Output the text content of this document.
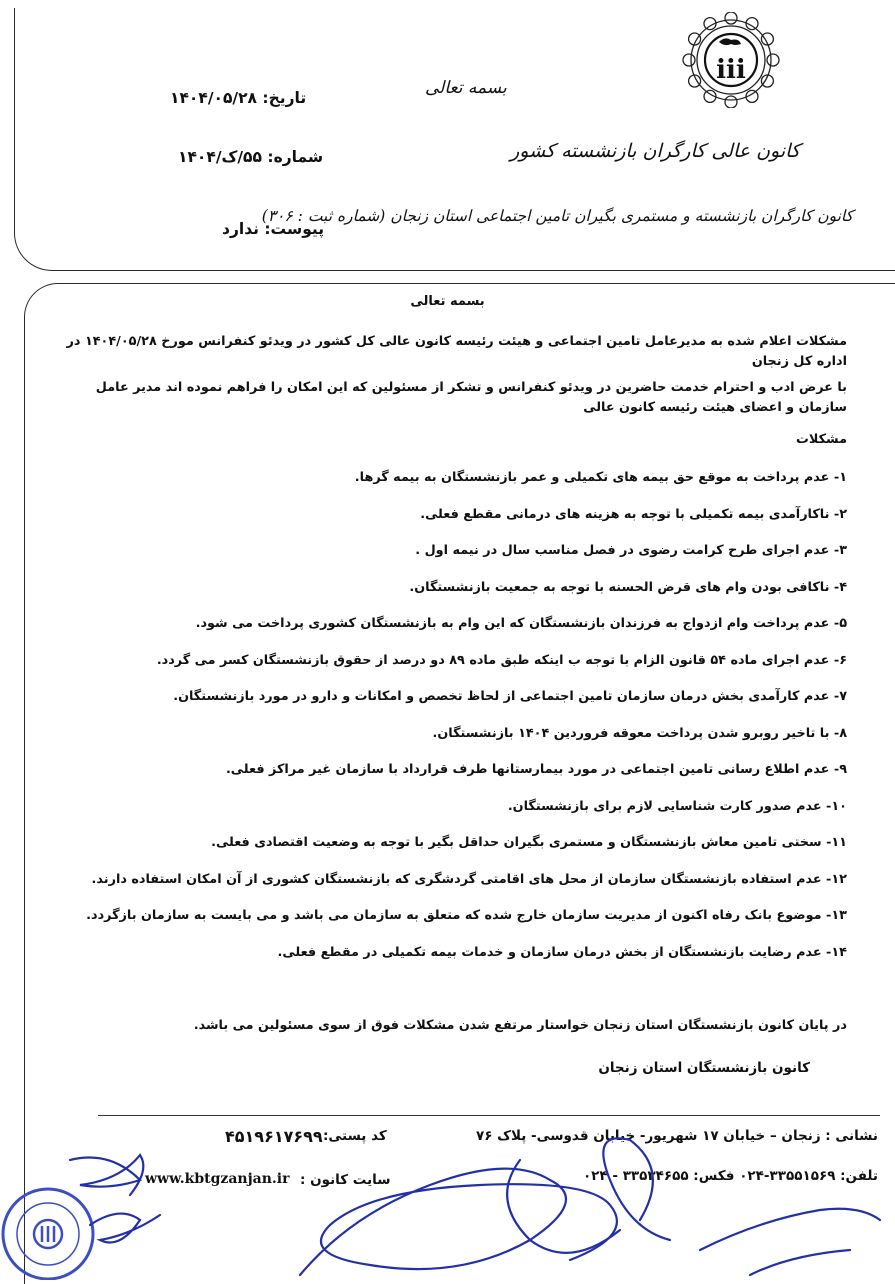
iii
بسمه تعالی
کانون عالی کارگران بازنشسته کشور
کانون کارگران بازنشسته و مستمری بگیران تامین اجتماعی استان زنجان (شماره ثبت : ۳۰۶)
تاریخ: ۱۴۰۴/۰۵/۲۸
شماره: ۵۵/ک/۱۴۰۴
پیوست: ندارد
بسمه تعالی
مشکلات اعلام شده به مدیرعامل تامین اجتماعی و هیئت رئیسه کانون عالی کل کشور در ویدئو کنفرانس مورخ ۱۴۰۴/۰۵/۲۸ در اداره کل زنجان
با عرض ادب و احترام خدمت حاضرین در ویدئو کنفرانس و تشکر از مسئولین که این امکان را فراهم نموده اند مدیر عامل سازمان و اعضای هیئت رئیسه کانون عالی
مشکلات
۱- عدم پرداخت به موقع حق بیمه های تکمیلی و عمر بازنشستگان به بیمه گرها.
۲- ناکارآمدی بیمه تکمیلی با توجه به هزینه های درمانی مقطع فعلی.
۳- عدم اجرای طرح کرامت رضوی در فصل مناسب سال در نیمه اول .
۴- ناکافی بودن وام های قرض الحسنه با توجه به جمعیت بازنشستگان.
۵- عدم پرداخت وام ازدواج به فرزندان بازنشستگان که این وام به بازنشستگان کشوری پرداخت می شود.
۶- عدم اجرای ماده ۵۴ قانون الزام با توجه ب اینکه طبق ماده ۸۹ دو درصد از حقوق بازنشستگان کسر می گردد.
۷- عدم کارآمدی بخش درمان سازمان تامین اجتماعی از لحاظ تخصص و امکانات و دارو در مورد بازنشستگان.
۸- با تاخیر روبرو شدن پرداخت معوقه فروردین ۱۴۰۴ بازنشستگان.
۹- عدم اطلاع رسانی تامین اجتماعی در مورد بیمارستانها طرف قرارداد با سازمان غیر مراکز فعلی.
۱۰- عدم صدور کارت شناسایی لازم برای بازنشستگان.
۱۱- سختی تامین معاش بازنشستگان و مستمری بگیران حداقل بگیر با توجه به وضعیت اقتصادی فعلی.
۱۲- عدم استفاده بازنشستگان سازمان از محل های اقامتی گردشگری که بازنشستگان کشوری از آن امکان استفاده دارند.
۱۳- موضوع بانک رفاه اکنون از مدیریت سازمان خارج شده که متعلق به سازمان می باشد و می بایست به سازمان بازگردد.
۱۴- عدم رضایت بازنشستگان از بخش درمان سازمان و خدمات بیمه تکمیلی در مقطع فعلی.
در پایان کانون بازنشستگان استان زنجان خواستار مرتفع شدن مشکلات فوق از سوی مسئولین می باشد.
کانون بازنشستگان استان زنجان
نشانی : زنجان – خیابان ۱۷ شهریور- خیابان قدوسی- پلاک ۷۶
کد پستی:
۴۵۱۹۶۱۷۶۹۹
تلفن: ۳۳۵۵۱۵۶۹-۰۲۴ فکس: ۳۳۵۳۴۶۵۵ - ۰۲۴
سایت کانون :
www.kbtgzanjan.ir
